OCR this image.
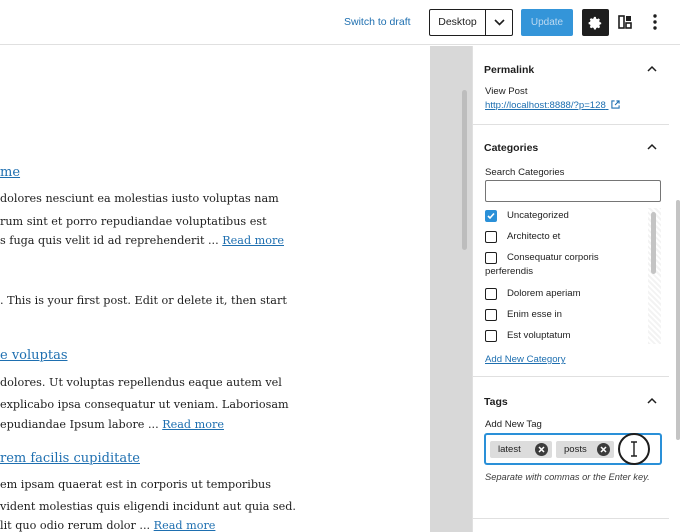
Switch to draft	Desktop	Update
me
dolores nesciunt ea molestias iusto voluptas nam
rum sint et porro repudiandae voluptatibus est
s fuga quis velit id ad reprehenderit ... Read more
. This is your first post. Edit or delete it, then start
e voluptas
dolores. Ut voluptas repellendus eaque autem vel
explicabo ipsa consequatur ut veniam. Laboriosam
epudiandae Ipsum labore ... Read more
rem facilis cupiditate
em ipsam quaerat est in corporis ut temporibus
vident molestias quis eligendi incidunt aut quia sed.
lit quo odio rerum dolor ... Read more
Permalink
View Post
http://localhost:8888/?p=128
Categories
Search Categories
Uncategorized
Architecto et
Consequatur corporis perferendis
Dolorem aperiam
Enim esse in
Est voluptatum
Add New Category
Tags
Add New Tag
latest	posts
Separate with commas or the Enter key.
